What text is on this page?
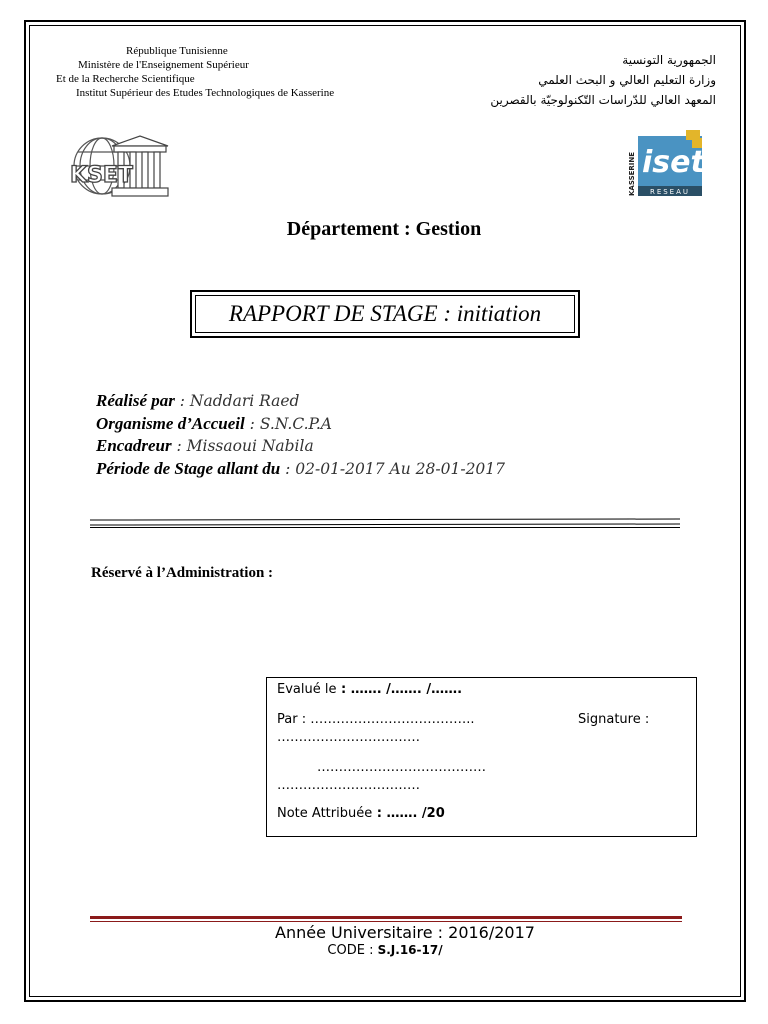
République Tunisienne
Ministère de l'Enseignement Supérieur
Et de la Recherche Scientifique
Institut Supérieur des Etudes Technologiques de Kasserine
الجمهورية التونسية
وزارة التعليم العالي و البحث العلمي
المعهد العالي للدّراسات التّكنولوجيّة بالقصرين
KSET	KASSERINE iset
RESEAU
Département : Gestion
RAPPORT DE STAGE : initiation
Réalisé par : Naddari Raed
Organisme d’Accueil : S.N.C.P.A
Encadreur : Missaoui Nabila
Période de Stage allant du : 02-01-2017 Au 28-01-2017
Réservé à l’Administration :
Evalué le : ……. /……. /…….
Par : ………………………………..	Signature :
……………………………
…………………………………
……………………………
Note Attribuée : ……. /20
Année Universitaire : 2016/2017
CODE : S.J.16-17/
